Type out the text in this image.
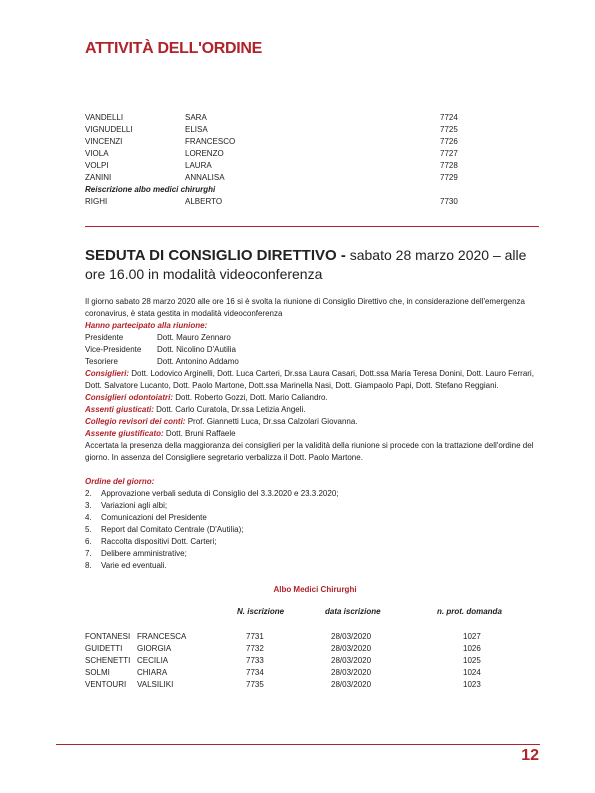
ATTIVITÀ DELL'ORDINE
VANDELLI	SARA	7724
VIGNUDELLI	ELISA	7725
VINCENZI	FRANCESCO	7726
VIOLA	LORENZO	7727
VOLPI	LAURA	7728
ZANINI	ANNALISA	7729
Reiscrizione albo medici chirurghi
RIGHI	ALBERTO	7730
SEDUTA DI CONSIGLIO DIRETTIVO - sabato 28 marzo 2020 – alle ore 16.00 in modalità videoconferenza
Il giorno sabato 28 marzo 2020 alle ore 16 si è svolta la riunione di Consiglio Direttivo che, in considerazione dell'emergenza coronavirus, è stata gestita in modalità videoconferenza
Hanno partecipato alla riunione:
Presidente	Dott. Mauro Zennaro
Vice-Presidente Dott. Nicolino D'Autilia
Tesoriere	Dott. Antonino Addamo
Consiglieri: Dott. Lodovico Arginelli, Dott. Luca Carteri, Dr.ssa Laura Casari, Dott.ssa Maria Teresa Donini, Dott. Lauro Ferrari, Dott. Salvatore Lucanto, Dott. Paolo Martone, Dott.ssa Marinella Nasi, Dott. Giampaolo Papi, Dott. Stefano Reggiani.
Consiglieri odontoiatri: Dott. Roberto Gozzi, Dott. Mario Caliandro.
Assenti giusticati: Dott. Carlo Curatola, Dr.ssa Letizia Angeli.
Collegio revisori dei conti: Prof. Giannetti Luca, Dr.ssa Calzolari Giovanna.
Assente giustificato: Dott. Bruni Raffaele
Accertata la presenza della maggioranza dei consiglieri per la validità della riunione si procede con la trattazione dell'ordine del giorno. In assenza del Consigliere segretario verbalizza il Dott. Paolo Martone.
Ordine del giorno:
2. Approvazione verbali seduta di Consiglio del 3.3.2020 e 23.3.2020;
3. Variazioni agli albi;
4. Comunicazioni del Presidente
5. Report dal Comitato Centrale (D'Autilia);
6. Raccolta dispositivi Dott. Carteri;
7. Delibere amministrative;
8. Varie ed eventuali.
Albo Medici Chirurghi
N. iscrizione	data iscrizione	n. prot. domanda
FONTANESI FRANCESCA	7731	28/03/2020	1027
GUIDETTI GIORGIA	7732	28/03/2020	1026
SCHENETTI CECILIA	7733	28/03/2020	1025
SOLMI	CHIARA	7734	28/03/2020	1024
VENTOURI VALSILIKI	7735	28/03/2020	1023
12
